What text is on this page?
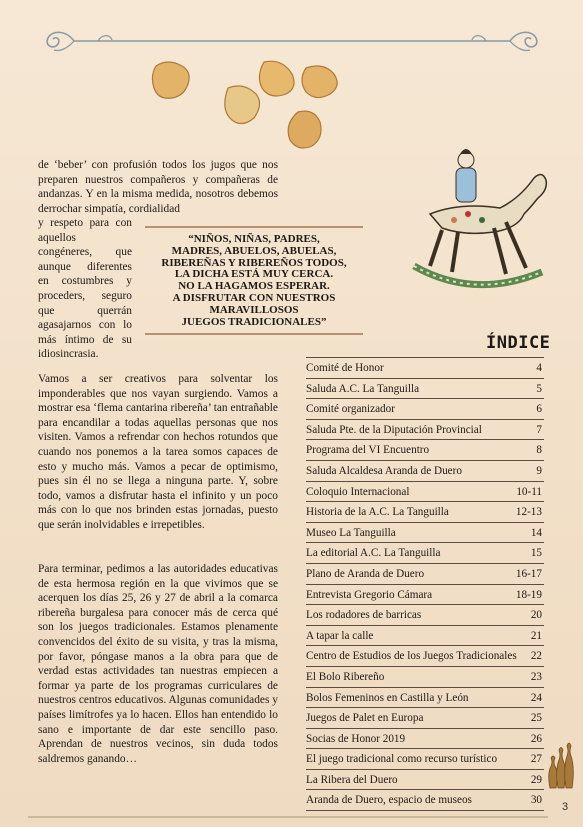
de ‘beber’ con profusión todos los jugos que nos preparen nuestros compañeros y compañeras de andanzas. Y en la misma medida, nosotros debemos derrochar simpatía, cordialidad

y respeto para con aquellos congéneres, que aunque diferentes en costumbres y proceders, seguro que querrán agasajarnos con lo más íntimo de su idiosincrasia.

“NIÑOS, NIÑAS, PADRES,
MADRES, ABUELOS, ABUELAS,
RIBEREÑAS Y RIBEREÑOS TODOS,
LA DICHA ESTÁ MUY CERCA.
NO LA HAGAMOS ESPERAR.
A DISFRUTAR CON NUESTROS
MARAVILLOSOS
JUEGOS TRADICIONALES”

Vamos a ser creativos para solventar los imponderables que nos vayan surgiendo. Vamos a mostrar esa ‘flema cantarina ribereña’ tan entrañable para encandilar a todas aquellas personas que nos visiten. Vamos a refrendar con hechos rotundos que cuando nos ponemos a la tarea somos capaces de esto y mucho más. Vamos a pecar de optimismo, pues sin él no se llega a ninguna parte. Y, sobre todo, vamos a disfrutar hasta el infinito y un poco más con lo que nos brinden estas jornadas, puesto que serán inolvidables e irrepetibles.

Para terminar, pedimos a las autoridades educativas de esta hermosa región en la que vivimos que se acerquen los días 25, 26 y 27 de abril a la comarca ribereña burgalesa para conocer más de cerca qué son los juegos tradicionales. Estamos plenamente convencidos del éxito de su visita, y tras la misma, por favor, póngase manos a la obra para que de verdad estas actividades tan nuestras empiecen a formar ya parte de los programas curriculares de nuestros centros educativos. Algunas comunidades y países limítrofes ya lo hacen. Ellos han entendido lo sano e importante de dar este sencillo paso. Aprendan de nuestros vecinos, sin duda todos saldremos ganando…

ÍNDICE
Comité de Honor	4
Saluda A.C. La Tanguilla	5
Comité organizador	6
Saluda Pte. de la Diputación Provincial	7
Programa del VI Encuentro	8
Saluda Alcaldesa Aranda de Duero	9
Coloquio Internacional	10-11
Historia de la A.C. La Tanguilla	12-13
Museo La Tanguilla	14
La editorial A.C. La Tanguilla	15
Plano de Aranda de Duero	16-17
Entrevista Gregorio Cámara	18-19
Los rodadores de barricas	20
A tapar la calle	21
Centro de Estudios de los Juegos Tradicionales 22
El Bolo Ribereño	23
Bolos Femeninos en Castilla y León	24
Juegos de Palet en Europa	25
Socias de Honor 2019	26
El juego tradicional como recurso turístico	27
La Ribera del Duero	29
Aranda de Duero, espacio de museos	30
3
